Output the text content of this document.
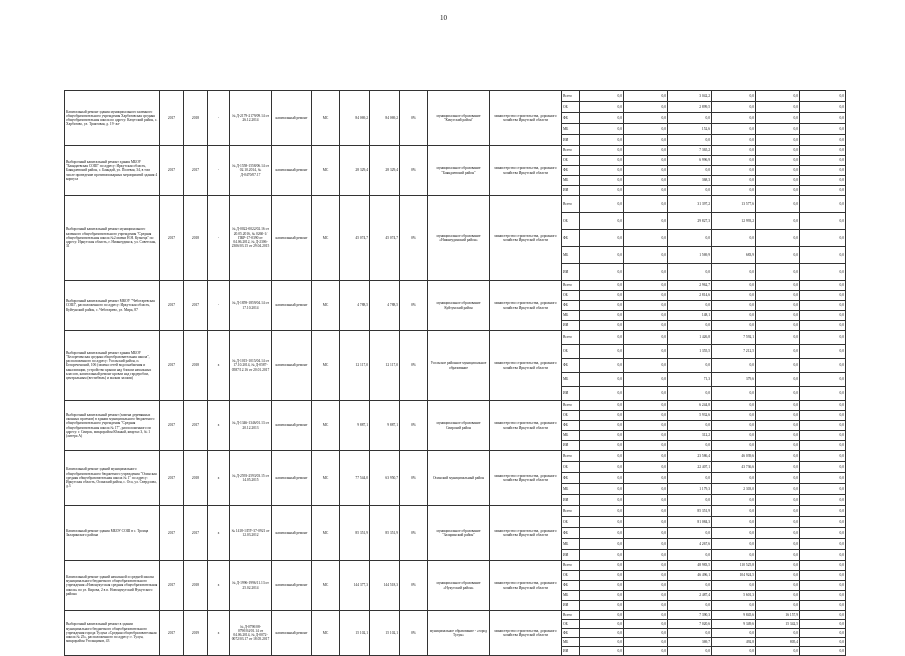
10
Капитальный ремонт здания муниципального казенного общеобразовательного учреждения Харбатовская средняя общеобразовательная школа по адресу: Качугский район, с. Харбатово, ул. Трактовая, д. 19 -аа-	2017	2018	-	№ Д-2179-2179/09.14 от 26.12.2014	капитальный ремонт	МС	84 069,2	84 069,2	0%	муниципальное образование "Качугский район"	министерство строительства, дорожного хозяйства Иркутской области	Всего	0,0	0,0	3 042,2	0,0	0,0	0,0
												ОБ	0,0	0,0	2 899,5	0,0	0,0	0,0
												ФБ	0,0	0,0	0,0	0,0	0,0	0,0
												МБ	0,0	0,0	152,6	0,0	0,0	0,0
												ИИ	0,0	0,0	0,0	0,0	0,0	0,0
Выборочный капитальный ремонт здания МБОУ "Баяндаевская СОШ" по адресу: Иркутская область, Баяндаевский район, с. Баяндай, ул. Полевая, 34, в том числе проведение противопожарных мероприятий здания 4 корпуса	2017	2017	-	№ Д-1558-1558/06.14 от 02.10.2014, № Д-0470/07.17	капитальный ремонт	МС	28 329,4	28 329,4	0%	муниципальное образование "Баяндаевский район"	министерство строительства, дорожного хозяйства Иркутской области	Всего	0,0	0,0	7 365,2	0,0	0,0	0,0
												ОБ	0,0	0,0	6 996,9	0,0	0,0	0,0
												ФБ	0,0	0,0	0,0	0,0	0,0	0,0
												МБ	0,0	0,0	368,3	0,0	0,0	0,0
												ИИ	0,0	0,0	0,0	0,0	0,0	0,0
Выборочный капитальный ремонт муниципального казенного общеобразовательного учреждения "Средняя общеобразовательная школа №2 имени Н.Н. Кузнеца" по адресу: Иркутская область, г. Нижнеудинск, ул. Советская, 31	2017	2018	-	№ Д-0022-0022/02.16 от 20.05.2016, № 0260-1/ПКР-17-0390 от 04.06.2012, № Д-2306-2306/03.15 от 29.04.2015	капитальный ремонт	МС	45 074,7	45 074,7	0%	муниципальное образование «Нижнеудинский район»	министерство строительства, дорожного хозяйства Иркутской области	Всего	0,0	0,0	31 397,2	13 577,6	0,0	0,0
												ОБ	0,0	0,0	29 827,3	12 993,2	0,0	0,0
												ФБ	0,0	0,0	0,0	0,0	0,0	0,0
												МБ	0,0	0,0	1 569,9	683,9	0,0	0,0
												ИИ	0,0	0,0	0,0	0,0	0,0	0,0
Выборочный капитальный ремонт МКОУ "Чеботаревская СОШ", расположенного по адресу: Иркутская область, Куйтунский район, с. Чеботарево, ул. Мира, 87	2017	2017	-	№ Д-1859-1859/04.14 от 17.10.2014	капитальный ремонт	МС	4 788,5	4 788,5	0%	муниципальное образование Куйтунский район	министерство строительства, дорожного хозяйства Иркутской области	Всего	0,0	0,0	2 962,7	0,0	0,0	0,0
												ОБ	0,0	0,0	2 814,6	0,0	0,0	0,0
												ФБ	0,0	0,0	0,0	0,0	0,0	0,0
												МБ	0,0	0,0	148,1	0,0	0,0	0,0
												ИИ	0,0	0,0	0,0	0,0	0,0	0,0
Выборочный капитальный ремонт здания МБОУ "Белореченская средняя общеобразовательная школа", расположенного по адресу: Усольский район, п. Белореченский, 106 (замена сетей водоснабжения и канализации, устройство крыши над блоком начальных классов, капитальный ремонт кровли над гардеробом, центральным (вестибюль) и малым залами)	2017	2018	x	№ Д-1015-1015/04.14 от 17.10.2014, № Д-0587-0587/12.16 от 20.01.2017	капитальный ремонт	МС	12 117,0	12 117,0	0%	Усольское районное муниципальное образование	министерство строительства, дорожного хозяйства Иркутской области	Всего	0,0	0,0	1 426,8	7 592,1	0,0	0,0
												ОБ	0,0	0,0	1 355,5	7 212,5	0,0	0,0
												ФБ	0,0	0,0	0,0	0,0	0,0	0,0
												МБ	0,0	0,0	71,3	379,6	0,0	0,0
												ИИ	0,0	0,0	0,0	0,0	0,0	0,0
Выборочный капитальный ремонт (замена деревянных оконных проемов) в здании муниципального бюджетного общеобразовательного учреждения "Средняя общеобразовательная школа № 17", расположенного по адресу: г. Свирск, микрорайон Южный, квартал 3, № 1 (литера А)	2017	2017	x	№ Д-1346-1346/01.13 от 20.12.2013	капитальный ремонт	МС	9 887,1	9 887,1	0%	муниципальное образование Свирский район	министерство строительства, дорожного хозяйства Иркутской области	Всего	0,0	0,0	6 244,8	0,0	0,0	0,0
												ОБ	0,0	0,0	5 932,6	0,0	0,0	0,0
												ФБ	0,0	0,0	0,0	0,0	0,0	0,0
												МБ	0,0	0,0	312,2	0,0	0,0	0,0
												ИИ	0,0	0,0	0,0	0,0	0,0	0,0
Капитальный ремонт зданий муниципального общеобразовательного бюджетного учреждения "Осинская средняя общеобразовательная школа № 1" по адресу: Иркутская область, Осинский район, с. Оса, ул. Свердлова, д.3	2017	2018	x	№ Д-2593-2593/03.15 от 14.05.2015	капитальный ремонт	МС	77 544,0	63 950,7	0%	Осинский муниципальный район	министерство строительства, дорожного хозяйства Иркутской области	Всего	0,0	0,0	23 586,4	46 039,6	0,0	0,0
												ОБ	0,0	0,0	22 407,1	43 736,6	0,0	0,0
												ФБ	0,0	0,0	0,0	0,0	0,0	0,0
												МБ	0,0	0,0	1 179,3	2 303,0	0,0	0,0
												ИИ	0,0	0,0	0,0	0,0	0,0	0,0
Капитальный ремонт здания МБОУ СОШ в с. Троица Заларинского района	2017	2017	x	№ 1418-1/ПУ-37-0921 от 12.03.2012	капитальный ремонт	МС	85 351,9	85 351,9	0%	муниципальное образование "Заларинский район"	министерство строительства, дорожного хозяйства Иркутской области	Всего	0,0	0,0	85 351,9	0,0	0,0	0,0
												ОБ	0,0	0,0	81 084,3	0,0	0,0	0,0
												ФБ	0,0	0,0	0,0	0,0	0,0	0,0
												МБ	0,0	0,0	4 267,6	0,0	0,0	0,0
												ИИ	0,0	0,0	0,0	0,0	0,0	0,0
Капитальный ремонт зданий начальной и средней школы муниципального бюджетного общеобразовательного учреждения «Новонукутская средняя общеобразовательная школа» по ул. Кирова, 2 в п. Новонукутский Нукутского района	2017	2018	x	№ Д-1996-1996/11.13 от 25.02.2014	капитальный ремонт	МС	144 377,3	144 518,3	0%	муниципальное образование «Нукутский район»	министерство строительства, дорожного хозяйства Иркутской области	Всего	0,0	0,0	48 983,5	110 525,8	0,0	0,0
												ОБ	0,0	0,0	46 496,1	104 924,5	0,0	0,0
												ФБ	0,0	0,0	0,0	0,0	0,0	0,0
												МБ	0,0	0,0	2 487,4	5 601,3	0,0	0,0
												ИИ	0,0	0,0	0,0	0,0	0,0	0,0
Выборочный капитальный ремонт в здании муниципального бюджетного общеобразовательного учреждения города Тулуна «Средняя общеобразовательная школа № 25», расположенного по адресу: г. Тулун, микрорайон Угольщиков, 43	2017	2019	x	№ Д-0790/08-0790/04/01.14 от 04.06.2014, № Д-0072-0072/03.17 от 18.05.2017	капитальный ремонт	МС	15 102,1	15 102,1	0%	муниципальное образование - «город Тулун»	министерство строительства, дорожного хозяйства Иркутской области	Всего	0,0	0,0	7 390,3	9 845,6	16 157,9	0,0
												ОБ	0,0	0,0	7 020,6	9 349,6	15 342,5	0,0
												ФБ	0,0	0,0	0,0	0,0	0,0	0,0
												МБ	0,0	0,0	369,7	492,8	805,4	0,0
												ИИ	0,0	0,0	0,0	0,0	0,0	0,0
